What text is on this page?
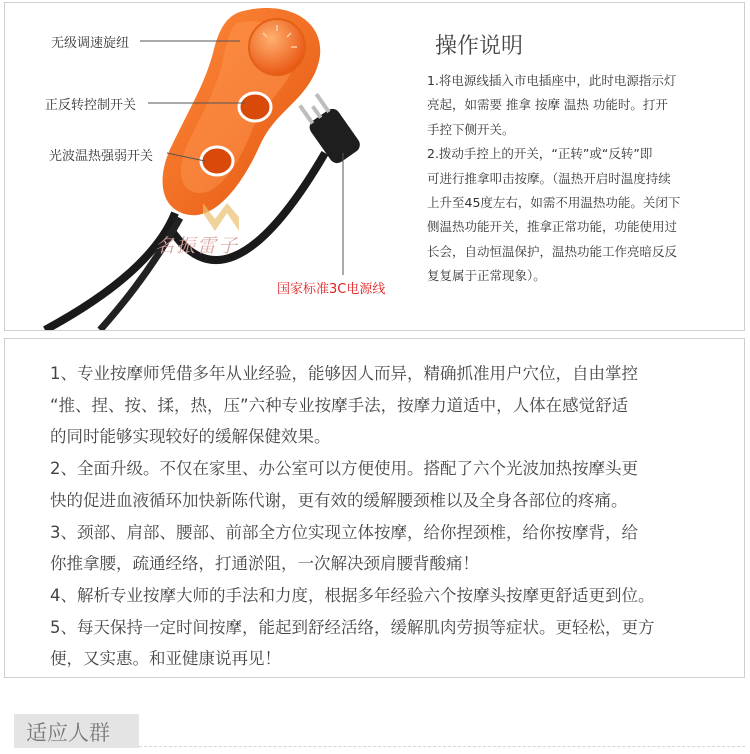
无级调速旋纽
正反转控制开关
光波温热强弱开关
国家标准3C电源线
名振雷子
操作说明

1.将电源线插入市电插座中，此时电源指示灯

亮起，如需要 推拿 按摩 温热 功能时。打开

手控下侧开关。

2.拨动手控上的开关，“正转”或“反转”即

可进行推拿叩击按摩。（温热开启时温度持续

上升至45度左右，如需不用温热功能。关闭下

侧温热功能开关，推拿正常功能，功能使用过

长会，自动恒温保护，温热功能工作亮暗反反

复复属于正常现象）。

1、专业按摩师凭借多年从业经验，能够因人而异，精确抓准用户穴位，自由掌控
“推、捏、按、揉，热，压”六种专业按摩手法，按摩力道适中，人体在感觉舒适
的同时能够实现较好的缓解保健效果。
2、全面升级。不仅在家里、办公室可以方便使用。搭配了六个光波加热按摩头更
快的促进血液循环加快新陈代谢，更有效的缓解腰颈椎以及全身各部位的疼痛。
3、颈部、肩部、腰部、前部全方位实现立体按摩，给你捏颈椎，给你按摩背，给
你推拿腰，疏通经络，打通淤阻，一次解决颈肩腰背酸痛！
4、解析专业按摩大师的手法和力度，根据多年经验六个按摩头按摩更舒适更到位。
5、每天保持一定时间按摩，能起到舒经活络，缓解肌肉劳损等症状。更轻松，更方
便，又实惠。和亚健康说再见！
适应人群
